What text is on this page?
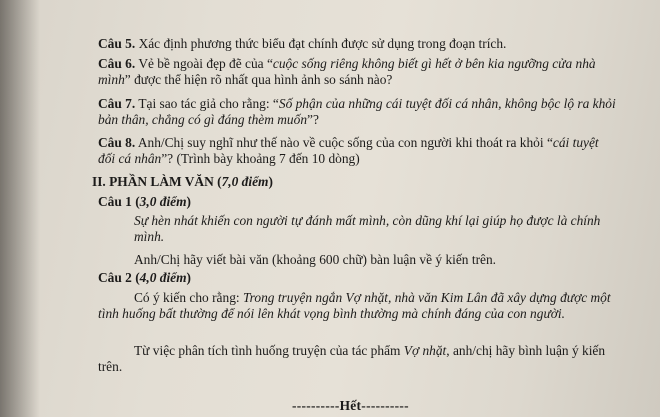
Câu 5. Xác định phương thức biểu đạt chính được sử dụng trong đoạn trích.
Câu 6. Vẻ bề ngoài đẹp đẽ của “cuộc sống riêng không biết gì hết ở bên kia ngưỡng cửa nhà mình” được thể hiện rõ nhất qua hình ảnh so sánh nào?
Câu 7. Tại sao tác giả cho rằng: “Số phận của những cái tuyệt đối cá nhân, không bộc lộ ra khỏi bản thân, chẳng có gì đáng thèm muốn”?
Câu 8. Anh/Chị suy nghĩ như thế nào về cuộc sống của con người khi thoát ra khỏi “cái tuyệt đối cá nhân”? (Trình bày khoảng 7 đến 10 dòng)
II. PHẦN LÀM VĂN (7,0 điểm)
Câu 1 (3,0 điểm)
Sự hèn nhát khiến con người tự đánh mất mình, còn dũng khí lại giúp họ được là chính mình.
Anh/Chị hãy viết bài văn (khoảng 600 chữ) bàn luận về ý kiến trên.
Câu 2 (4,0 điểm)
Có ý kiến cho rằng: Trong truyện ngắn Vợ nhặt, nhà văn Kim Lân đã xây dựng được một tình huống bất thường để nói lên khát vọng bình thường mà chính đáng của con người.
Từ việc phân tích tình huống truyện của tác phẩm Vợ nhặt, anh/chị hãy bình luận ý kiến trên.
----------Hết----------
